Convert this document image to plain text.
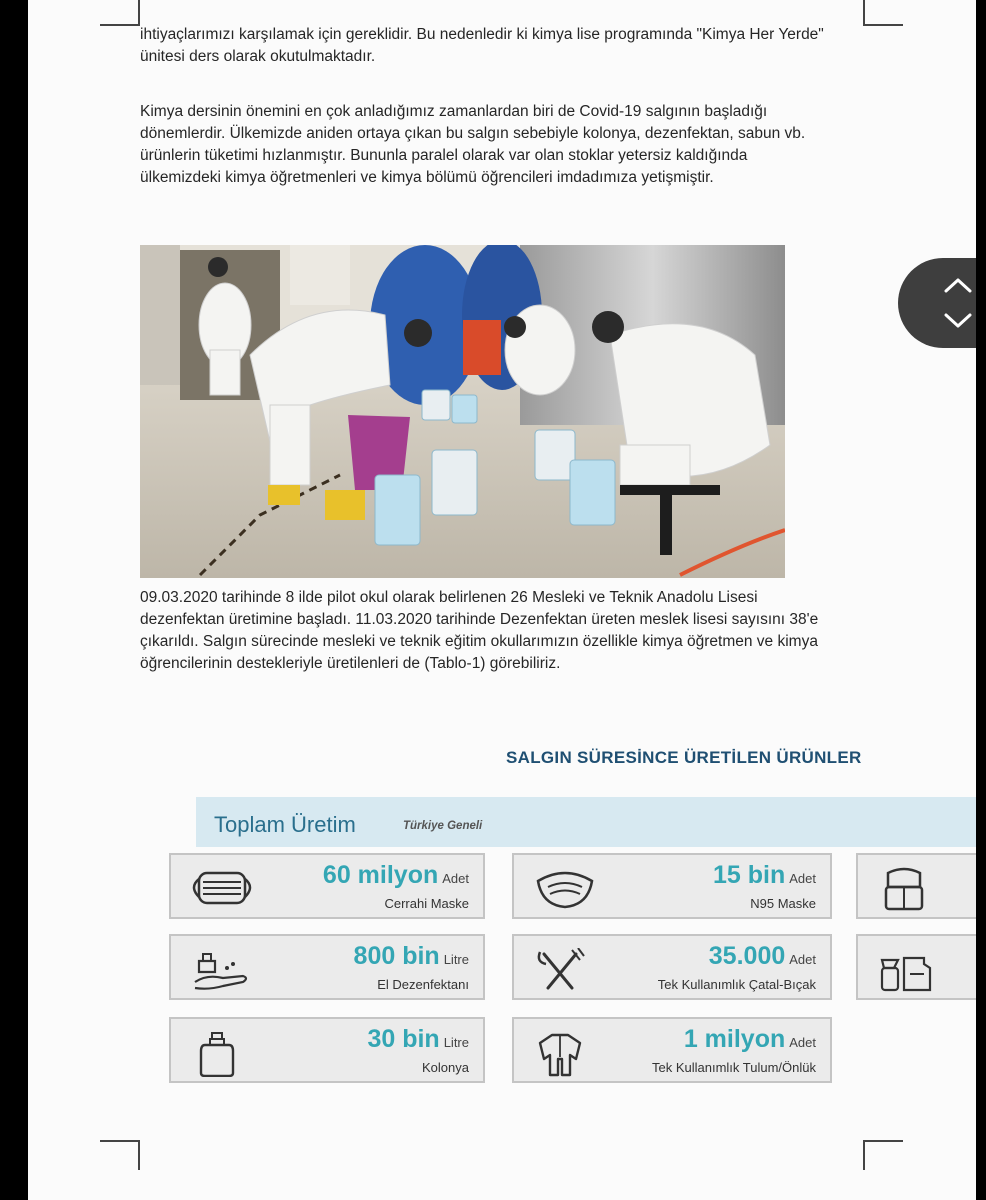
ihtiyaçlarımızı karşılamak için gereklidir. Bu nedenledir ki kimya lise programında "Kimya Her Yerde" ünitesi ders olarak okutulmaktadır.

Kimya dersinin önemini en çok anladığımız zamanlardan biri de Covid-19 salgının başladığı dönemlerdir. Ülkemizde aniden ortaya çıkan bu salgın sebebiyle kolonya, dezenfektan, sabun vb. ürünlerin tüketimi hızlanmıştır. Bununla paralel olarak var olan stoklar yetersiz kaldığında ülkemizdeki kimya öğretmenleri ve kimya bölümü öğrencileri imdadımıza yetişmiştir.

09.03.2020 tarihinde 8 ilde pilot okul olarak belirlenen 26 Mesleki ve Teknik Anadolu Lisesi dezenfektan üretimine başladı. 11.03.2020 tarihinde Dezenfektan üreten meslek lisesi sayısını 38'e çıkarıldı. Salgın sürecinde mesleki ve teknik eğitim okullarımızın özellikle kimya öğretmen ve kimya öğrencilerinin destekleriyle üretilenleri de (Tablo-1) görebiliriz.

SALGIN SÜRESİNCE ÜRETİLEN ÜRÜNLER
Toplam Üretim	Türkiye Geneli
60 milyon Adet
Cerrahi Maske
15 bin Adet
N95 Maske
800 bin Litre
El Dezenfektanı
35.000 Adet
Tek Kullanımlık Çatal-Bıçak
30 bin Litre
Kolonya
1 milyon Adet
Tek Kullanımlık Tulum/Önlük
